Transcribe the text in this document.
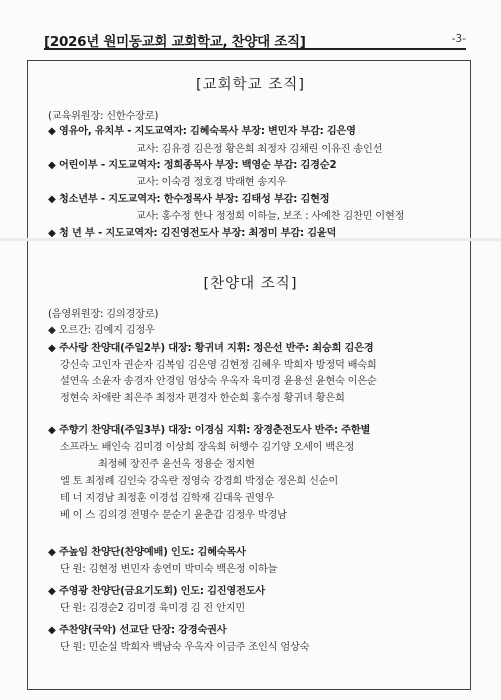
[2026년 원미동교회 교회학교, 찬양대 조직]	-3-
[교회학교 조직]
(교육위원장: 신한수장로)
◆ 영유아, 유치부 - 지도교역자: 김혜숙목사 부장: 변민자 부감: 김은영
교사: 김유경 김은정 황은희 최정자 김채린 이유진 송인선
◆ 어린이부 - 지도교역자: 정희종목사 부장: 백영순 부감: 김경순2
교사: 이숙경 정호경 박래현 송지우
◆ 청소년부 - 지도교역자: 한수정목사 부장: 김태성 부감: 김현정
교사: 홍수정 한나 정정희 이하늘, 보조 : 사예찬 김찬민 이현정
◆ 청 년 부 - 지도교역자: 김진영전도사 부장: 최정미 부감: 김윤덕
[찬양대 조직]
(음영위원장: 김의경장로)
◆ 오르간: 김예지 김정우
◆ 주사랑 찬양대(주일2부) 대장: 황귀녀 지휘: 정은선 반주: 최승희 김은경
강신숙 고인자 권순자 김복임 김은영 김현정 김혜우 박희자 방정덕 배숙희
설연옥 소윤자 송경자 안경임 엄상숙 우옥자 육미경 윤용선 윤현숙 이은순
정현숙 차애란 최은주 최정자 편경자 한순희 홍수정 황귀녀 황은희
◆ 주향기 찬양대(주일3부) 대장: 이경심 지휘: 장경춘전도사 반주: 주한별
소프라노 배인숙 김미경 이상희 장옥희 허행수 김기양 오세이 백은정
최정혜 장진주 윤선옥 정용순 정지현
엘 토 최정례 김인숙 강옥란 정영숙 강경희 박정순 정은희 신순이
테 너 지경남 최정훈 이경섭 김학재 김대욱 권영우
베 이 스 김의경 전명수 문순기 윤춘갑 김정우 박경남
◆ 주높임 찬양단(찬양예배) 인도: 김혜숙목사
단 원: 김현정 변민자 송연미 박미숙 백은정 이하늘
◆ 주영광 찬양단(금요기도회) 인도: 김진영전도사
단 원: 김경순2 김미경 육미경 김 진 안지민
◆ 주찬양(국악) 선교단 단장: 강경숙권사
단 원: 민순실 박희자 백남숙 우옥자 이금주 조인식 엄상숙
